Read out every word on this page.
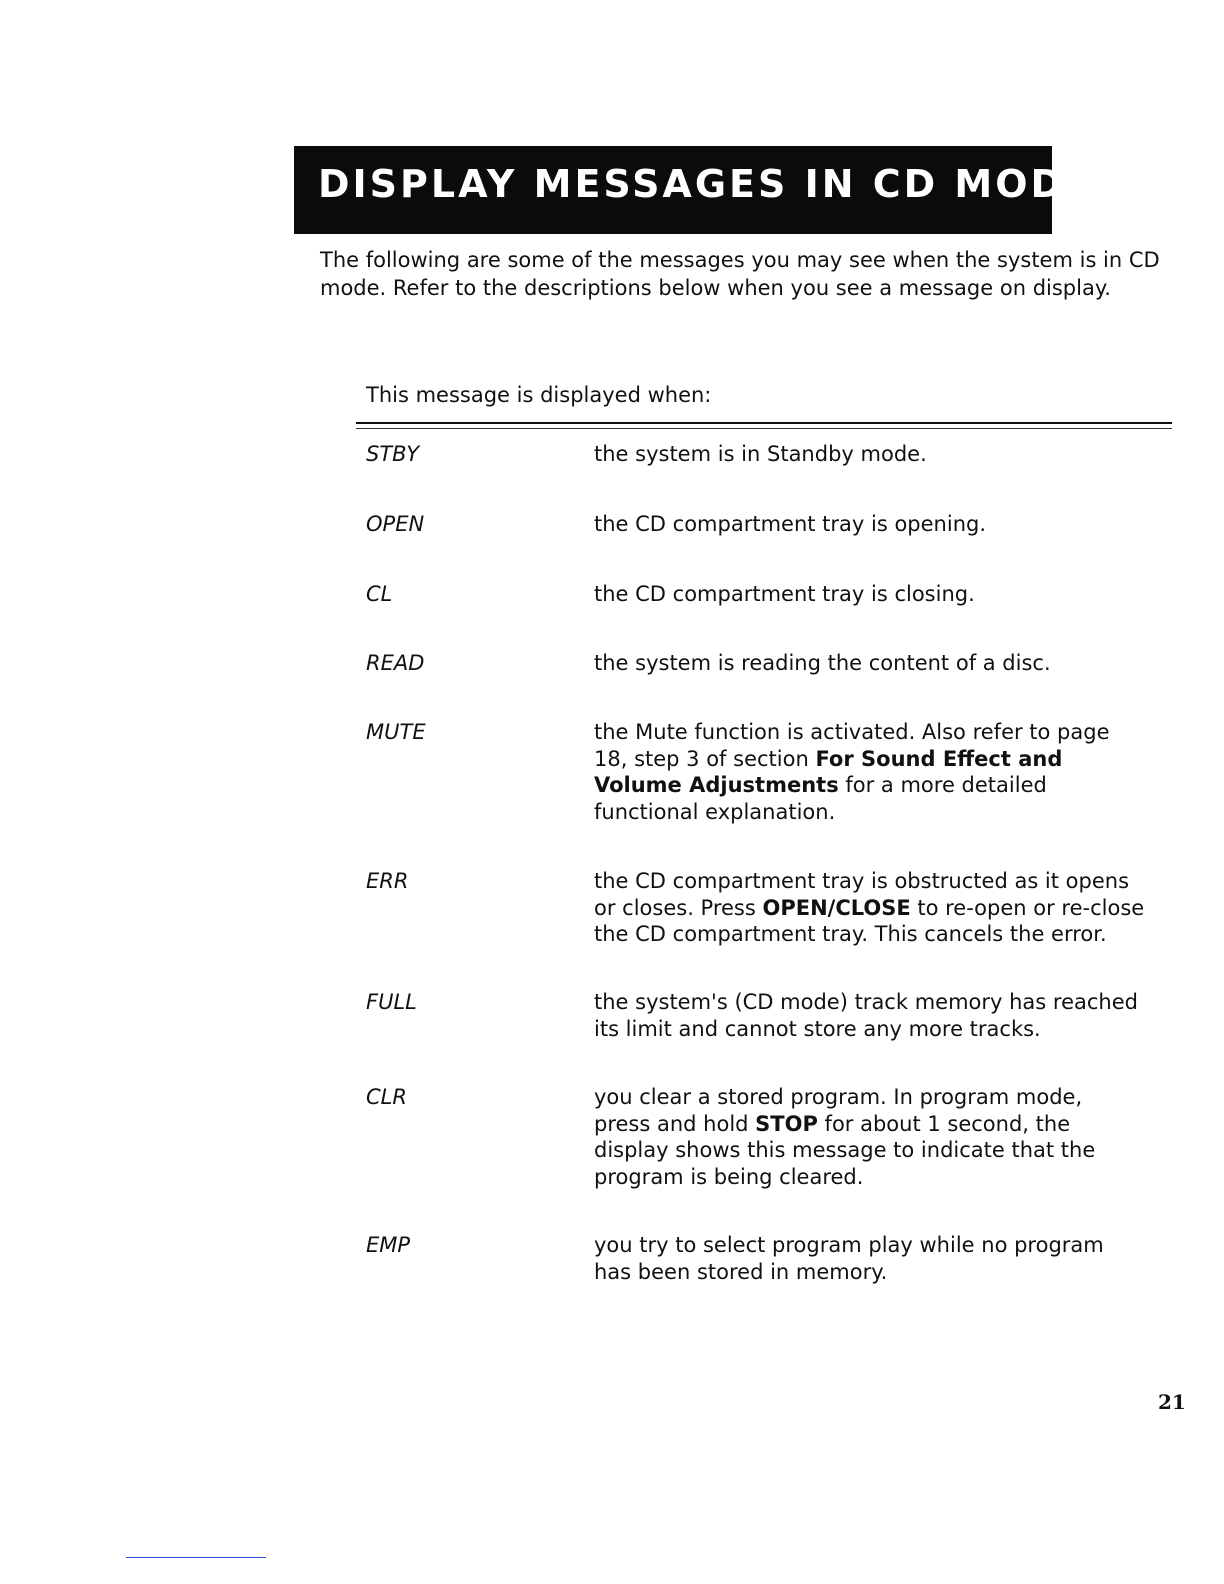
DISPLAY MESSAGES IN CD MODE
The following are some of the messages you may see when the system is in CD
mode. Refer to the descriptions below when you see a message on display.
This message is displayed when:
STBY	the system is in Standby mode.
OPEN	the CD compartment tray is opening.
CL	the CD compartment tray is closing.
READ	the system is reading the content of a disc.
MUTE	the Mute function is activated. Also refer to page
18, step 3 of section For Sound Effect and
Volume Adjustments for a more detailed
functional explanation.
ERR	the CD compartment tray is obstructed as it opens
or closes. Press OPEN/CLOSE to re-open or re-close
the CD compartment tray. This cancels the error.
FULL	the system's (CD mode) track memory has reached
its limit and cannot store any more tracks.
CLR	you clear a stored program. In program mode,
press and hold STOP for about 1 second, the
display shows this message to indicate that the
program is being cleared.
EMP	you try to select program play while no program
has been stored in memory.
21
